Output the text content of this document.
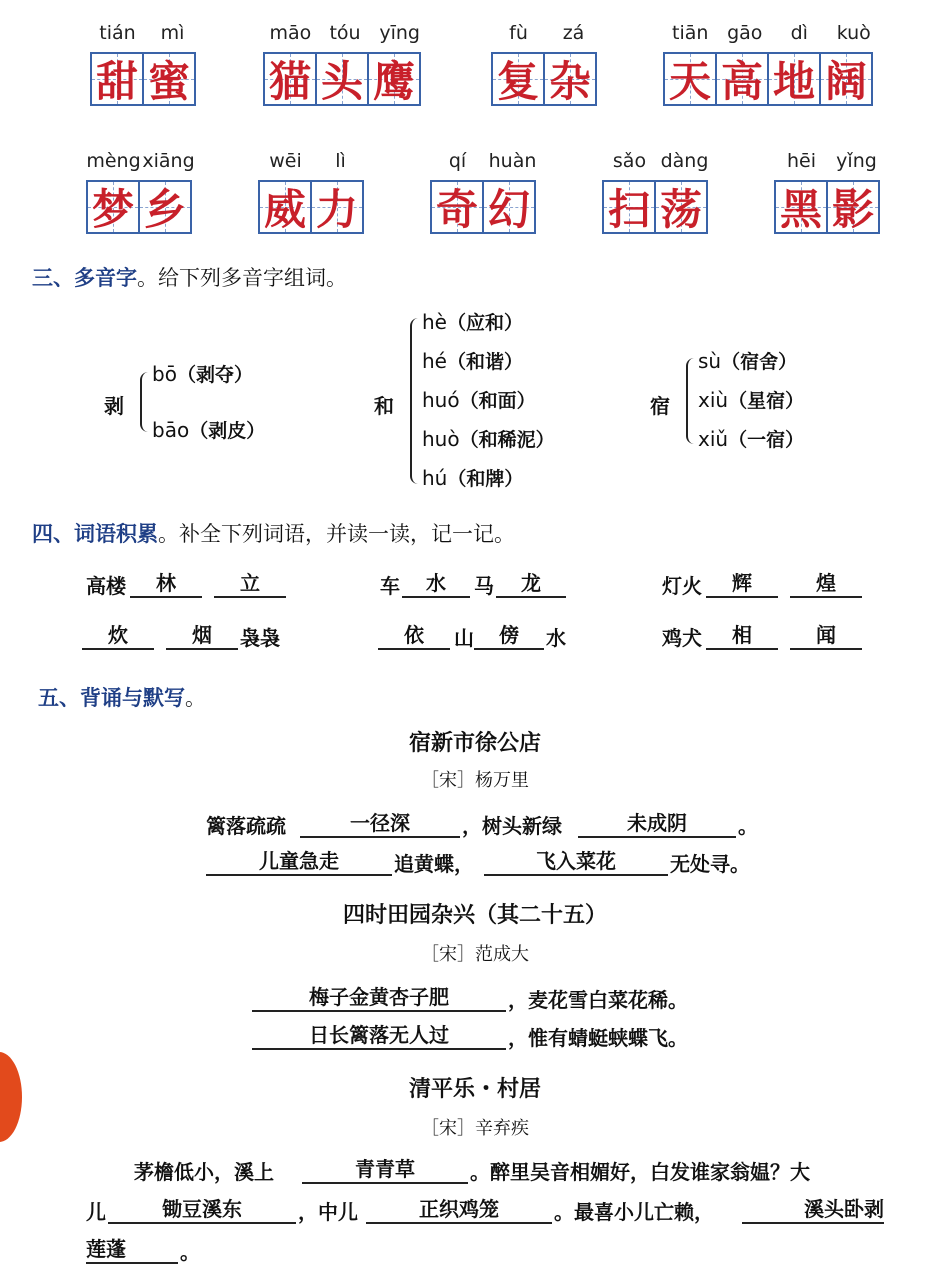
tián	mì
甜 蜜
māo tóu yīng
猫 头 鹰
fù	zá
复 杂
tiān gāo	dì	kuò
天 高 地 阔
mèng xiāng
梦 乡
wēi	lì
威 力
qí	huàn
奇 幻
sǎo dàng
扫 荡
hēi	yǐng
黑 影
三、多音字。给下列多音字组词。
剥
bō（剥夺）
bāo（剥皮）
和
hè（应和）
hé（和谐）
huó（和面）
huò（和稀泥）
hú（和牌）
宿
sù（宿舍）
xiù（星宿）
xiǔ（一宿）
四、词语积累。补全下列词语，并读一读，记一记。
高楼	林	立	车	水	马	龙	灯火	辉	煌
炊	烟	袅袅	依	山	傍	水	鸡犬	相	闻
五、背诵与默写。
宿新市徐公店
［宋］杨万里
篱落疏疏	一径深	，树头新绿	未成阴	。
儿童急走	追黄蝶，	飞入菜花	无处寻。
四时田园杂兴（其二十五）
［宋］范成大
梅子金黄杏子肥	，麦花雪白菜花稀。
日长篱落无人过	，惟有蜻蜓蛱蝶飞。
清平乐・村居
［宋］辛弃疾
茅檐低小，溪上	青青草	。醉里吴音相媚好，白发谁家翁媪？大
儿	锄豆溪东	，中儿	正织鸡笼	。最喜小儿亡赖，	溪头卧剥
莲蓬	。
